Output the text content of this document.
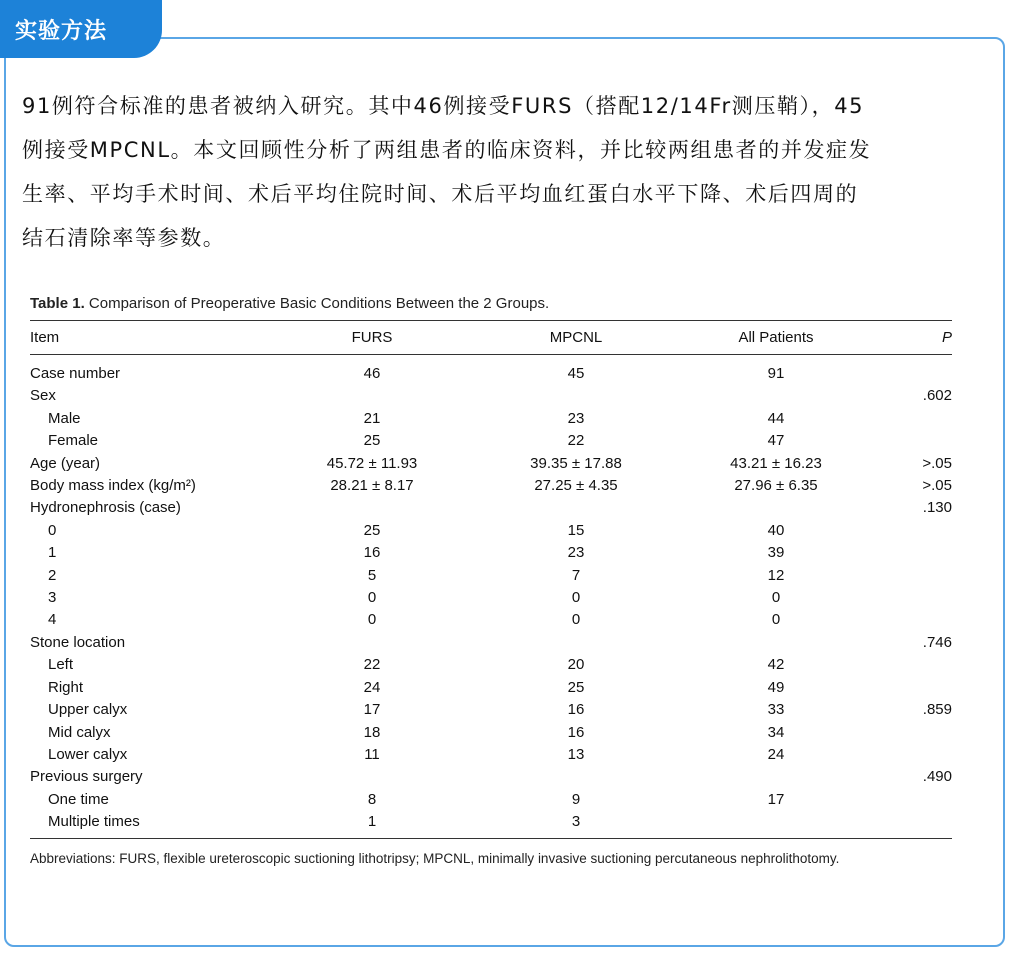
实验方法

91例符合标准的患者被纳入研究。其中46例接受FURS（搭配12/14Fr测压鞘），45

例接受MPCNL。本文回顾性分析了两组患者的临床资料，并比较两组患者的并发症发

生率、平均手术时间、术后平均住院时间、术后平均血红蛋白水平下降、术后四周的

结石清除率等参数。

Table 1. Comparison of Preoperative Basic Conditions Between the 2 Groups.
Item	FURS		MPCNL		All Patients	P
Case number	46		45		91	
Sex						.602
Male	21		23		44	
Female	25		22		47	
Age (year)	45.72 ± 11.93		39.35 ± 17.88		43.21 ± 16.23	>.05
Body mass index (kg/m²)	28.21 ± 8.17		27.25 ± 4.35		27.96 ± 6.35	>.05
Hydronephrosis (case)						.130
0	25		15		40	
1	16		23		39	
2	5		7		12	
3	0		0		0	
4	0		0		0	
Stone location						.746
Left	22		20		42	
Right	24		25		49	
Upper calyx	17		16		33	.859
Mid calyx	18		16		34	
Lower calyx	11		13		24	
Previous surgery						.490
One time	8		9		17	
Multiple times	1		3			
Abbreviations: FURS, flexible ureteroscopic suctioning lithotripsy; MPCNL, minimally invasive suctioning percutaneous nephrolithotomy.
